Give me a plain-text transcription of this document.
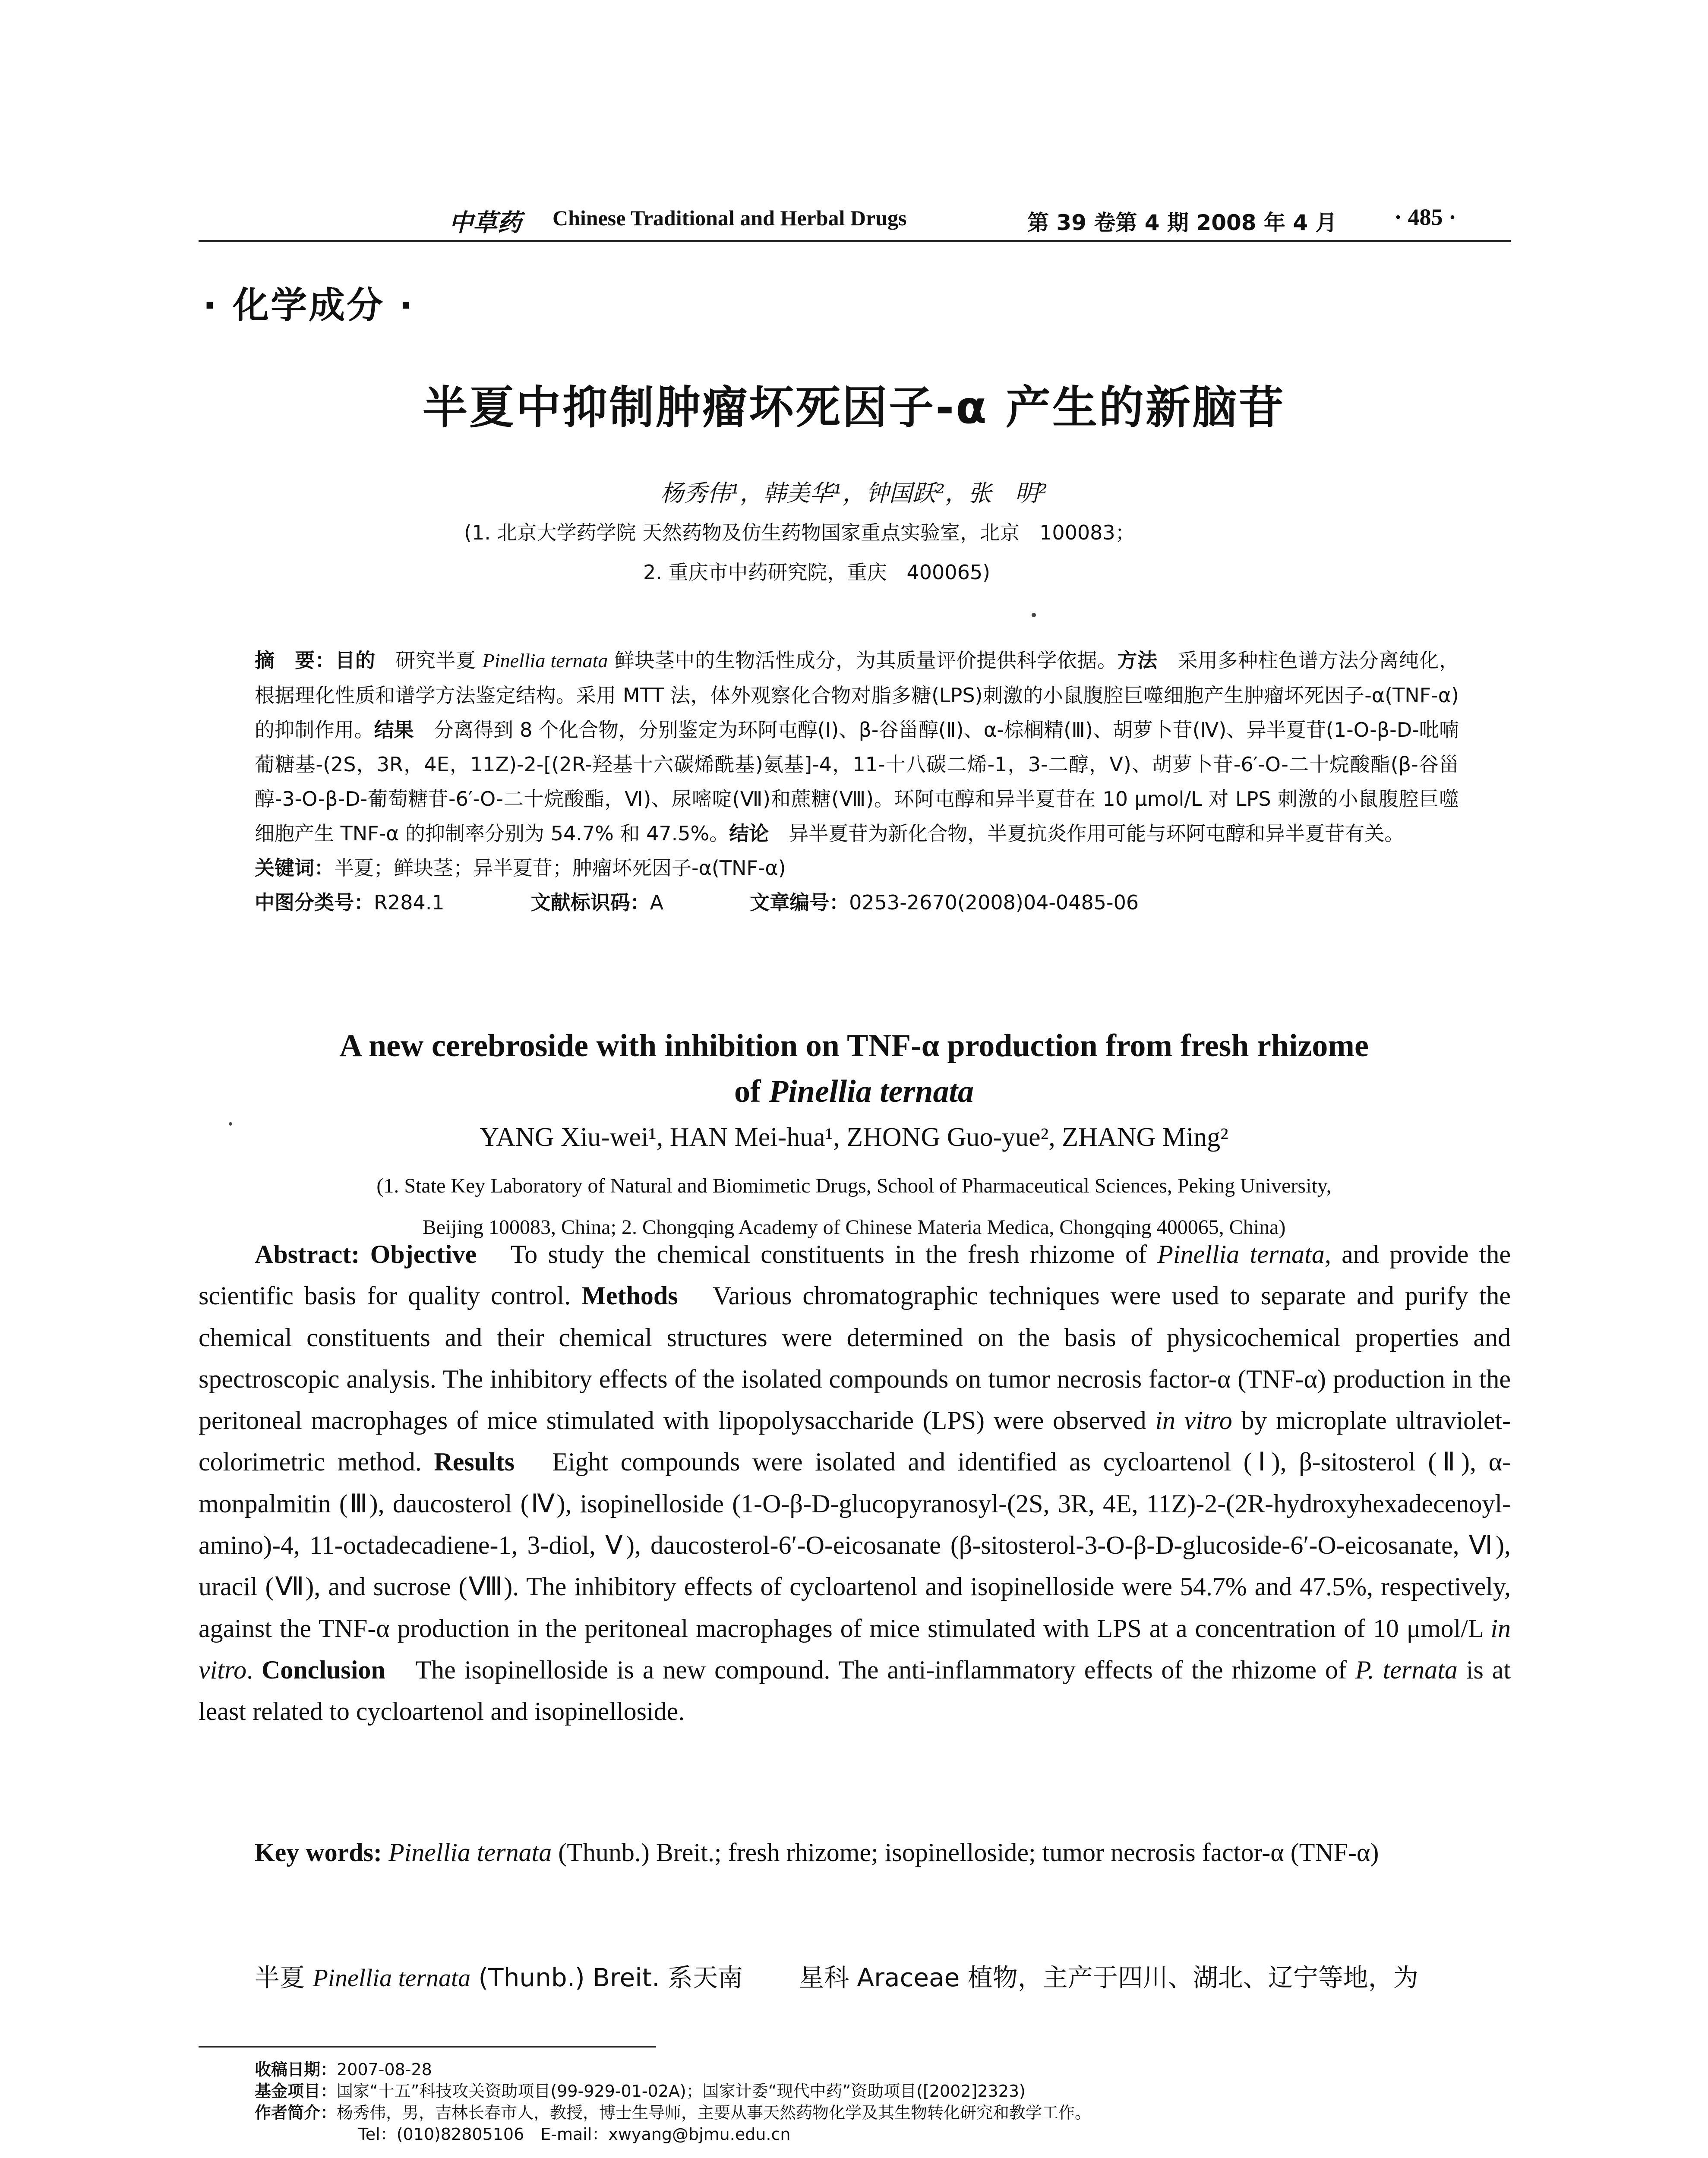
中草药 Chinese Traditional and Herbal Drugs	第 39 卷第 4 期 2008 年 4 月 · 485 ·
· 化学成分 ·
半夏中抑制肿瘤坏死因子-α 产生的新脑苷
杨秀伟¹，韩美华¹，钟国跃²，张　明²
(1. 北京大学药学院 天然药物及仿生药物国家重点实验室，北京　100083；
2. 重庆市中药研究院，重庆　400065)
摘　要：目的　研究半夏 Pinellia ternata 鲜块茎中的生物活性成分，为其质量评价提供科学依据。方法　采用多种柱色谱方法分离纯化，根据理化性质和谱学方法鉴定结构。采用 MTT 法，体外观察化合物对脂多糖(LPS)刺激的小鼠腹腔巨噬细胞产生肿瘤坏死因子-α(TNF-α)的抑制作用。结果　分离得到 8 个化合物，分别鉴定为环阿屯醇(Ⅰ)、β-谷甾醇(Ⅱ)、α-棕榈精(Ⅲ)、胡萝卜苷(Ⅳ)、异半夏苷(1-O-β-D-吡喃葡糖基-(2S，3R，4E，11Z)-2-[(2R-羟基十六碳烯酰基)氨基]-4，11-十八碳二烯-1，3-二醇，Ⅴ)、胡萝卜苷-6′-O-二十烷酸酯(β-谷甾醇-3-O-β-D-葡萄糖苷-6′-O-二十烷酸酯，Ⅵ)、尿嘧啶(Ⅶ)和蔗糖(Ⅷ)。环阿屯醇和异半夏苷在 10 μmol/L 对 LPS 刺激的小鼠腹腔巨噬细胞产生 TNF-α 的抑制率分别为 54.7% 和 47.5%。结论　异半夏苷为新化合物，半夏抗炎作用可能与环阿屯醇和异半夏苷有关。
关键词：半夏；鲜块茎；异半夏苷；肿瘤坏死因子-α(TNF-α)
中图分类号：R284.1	文献标识码：A	文章编号：0253-2670(2008)04-0485-06
A new cerebroside with inhibition on TNF-α production from fresh rhizome
of Pinellia ternata
YANG Xiu-wei¹, HAN Mei-hua¹, ZHONG Guo-yue², ZHANG Ming²
(1. State Key Laboratory of Natural and Biomimetic Drugs, School of Pharmaceutical Sciences, Peking University,
Beijing 100083, China; 2. Chongqing Academy of Chinese Materia Medica, Chongqing 400065, China)

Abstract: Objective　To study the chemical constituents in the fresh rhizome of Pinellia ternata, and provide the scientific basis for quality control. Methods　Various chromatographic techniques were used to separate and purify the chemical constituents and their chemical structures were determined on the basis of physicochemical properties and spectroscopic analysis. The inhibitory effects of the isolated compounds on tumor necrosis factor-α (TNF-α) production in the peritoneal macrophages of mice stimulated with lipopolysaccharide (LPS) were observed in vitro by microplate ultraviolet-colorimetric method. Results　Eight compounds were isolated and identified as cycloartenol (Ⅰ), β-sitosterol (Ⅱ), α-monpalmitin (Ⅲ), daucosterol (Ⅳ), isopinelloside (1-O-β-D-glucopyranosyl-(2S, 3R, 4E, 11Z)-2-(2R-hydroxyhexadecenoyl-amino)-4, 11-octadecadiene-1, 3-diol, Ⅴ), daucosterol-6′-O-eicosanate (β-sitosterol-3-O-β-D-glucoside-6′-O-eicosanate, Ⅵ), uracil (Ⅶ), and sucrose (Ⅷ). The inhibitory effects of cycloartenol and isopinelloside were 54.7% and 47.5%, respectively, against the TNF-α production in the peritoneal macrophages of mice stimulated with LPS at a concentration of 10 μmol/L in vitro. Conclusion　The isopinelloside is a new compound. The anti-inflammatory effects of the rhizome of P. ternata is at least related to cycloartenol and isopinelloside.

Key words: Pinellia ternata (Thunb.) Breit.; fresh rhizome; isopinelloside; tumor necrosis factor-α (TNF-α)
半夏 Pinellia ternata (Thunb.) Breit. 系天南 星科 Araceae 植物，主产于四川、湖北、辽宁等地，为
收稿日期：2007-08-28
基金项目：国家“十五”科技攻关资助项目(99-929-01-02A)；国家计委“现代中药”资助项目([2002]2323)
作者简介：杨秀伟，男，吉林长春市人，教授，博士生导师，主要从事天然药物化学及其生物转化研究和教学工作。
Tel：(010)82805106　E-mail：xwyang@bjmu.edu.cn
